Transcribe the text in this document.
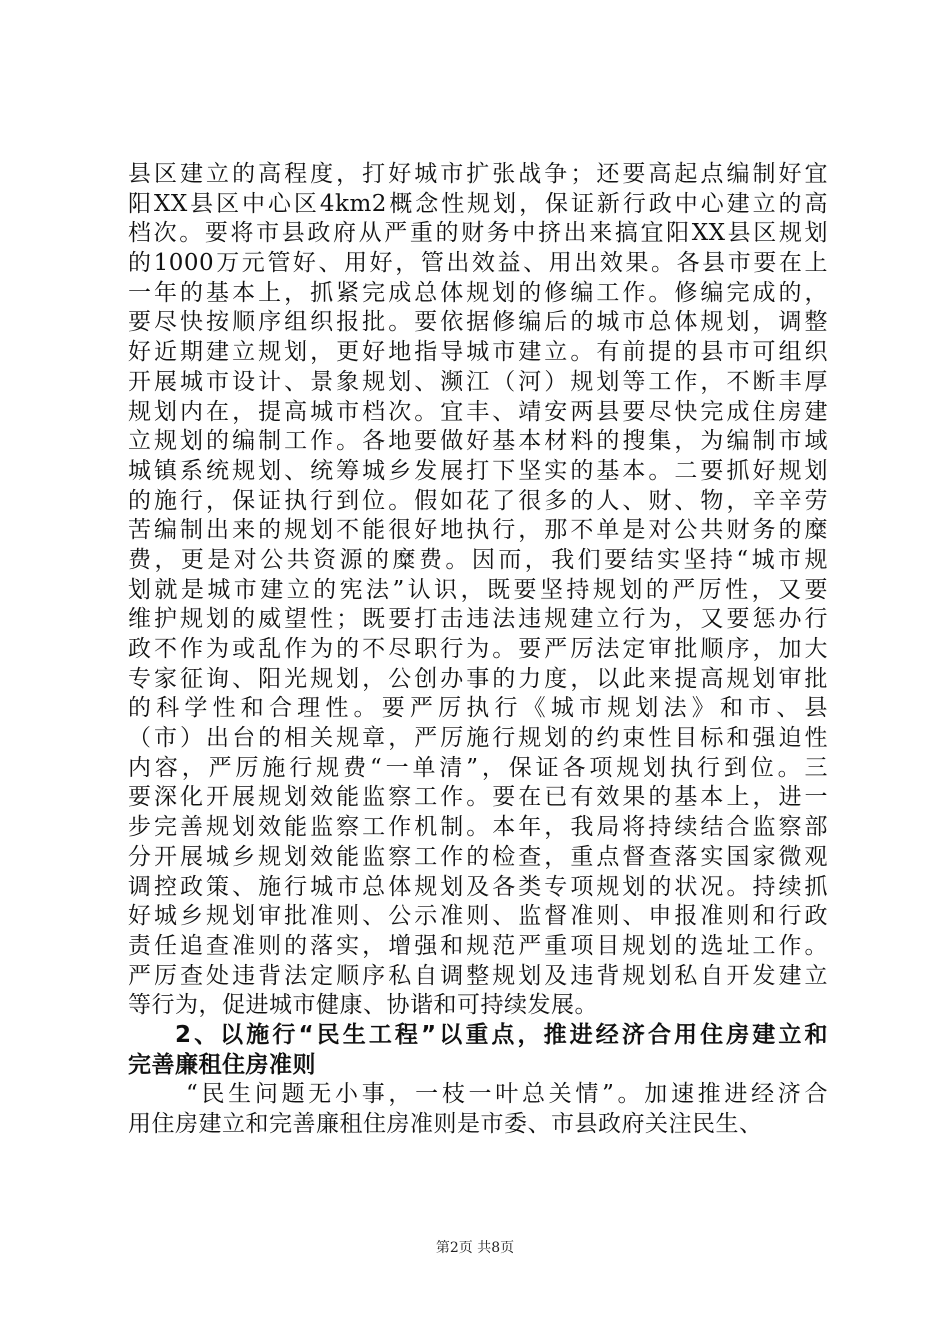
县区建立的高程度，打好城市扩张战争；还要高起点编制好宜
阳XX县区中心区4km2概念性规划，保证新行政中心建立的高
档次。要将市县政府从严重的财务中挤出来搞宜阳XX县区规划
的1000万元管好、用好，管出效益、用出效果。各县市要在上
一年的基本上，抓紧完成总体规划的修编工作。修编完成的，
要尽快按顺序组织报批。要依据修编后的城市总体规划，调整
好近期建立规划，更好地指导城市建立。有前提的县市可组织
开展城市设计、景象规划、濒江（河）规划等工作，不断丰厚
规划内在，提高城市档次。宜丰、靖安两县要尽快完成住房建
立规划的编制工作。各地要做好基本材料的搜集，为编制市域
城镇系统规划、统筹城乡发展打下坚实的基本。二要抓好规划
的施行，保证执行到位。假如花了很多的人、财、物，辛辛劳
苦编制出来的规划不能很好地执行，那不单是对公共财务的糜
费，更是对公共资源的糜费。因而，我们要结实坚持“城市规
划就是城市建立的宪法”认识，既要坚持规划的严厉性，又要
维护规划的威望性；既要打击违法违规建立行为，又要惩办行
政不作为或乱作为的不尽职行为。要严厉法定审批顺序，加大
专家征询、阳光规划，公创办事的力度，以此来提高规划审批
的科学性和合理性。要严厉执行《城市规划法》和市、县
（市）出台的相关规章，严厉施行规划的约束性目标和强迫性
内容，严厉施行规费“一单清”，保证各项规划执行到位。三
要深化开展规划效能监察工作。要在已有效果的基本上，进一
步完善规划效能监察工作机制。本年，我局将持续结合监察部
分开展城乡规划效能监察工作的检查，重点督查落实国家微观
调控政策、施行城市总体规划及各类专项规划的状况。持续抓
好城乡规划审批准则、公示准则、监督准则、申报准则和行政
责任追查准则的落实，增强和规范严重项目规划的选址工作。
严厉查处违背法定顺序私自调整规划及违背规划私自开发建立
等行为，促进城市健康、协谐和可持续发展。
2、以施行“民生工程”以重点，推进经济合用住房建立和
完善廉租住房准则
“民生问题无小事，一枝一叶总关情”。加速推进经济合
用住房建立和完善廉租住房准则是市委、市县政府关注民生、
第2页 共8页
